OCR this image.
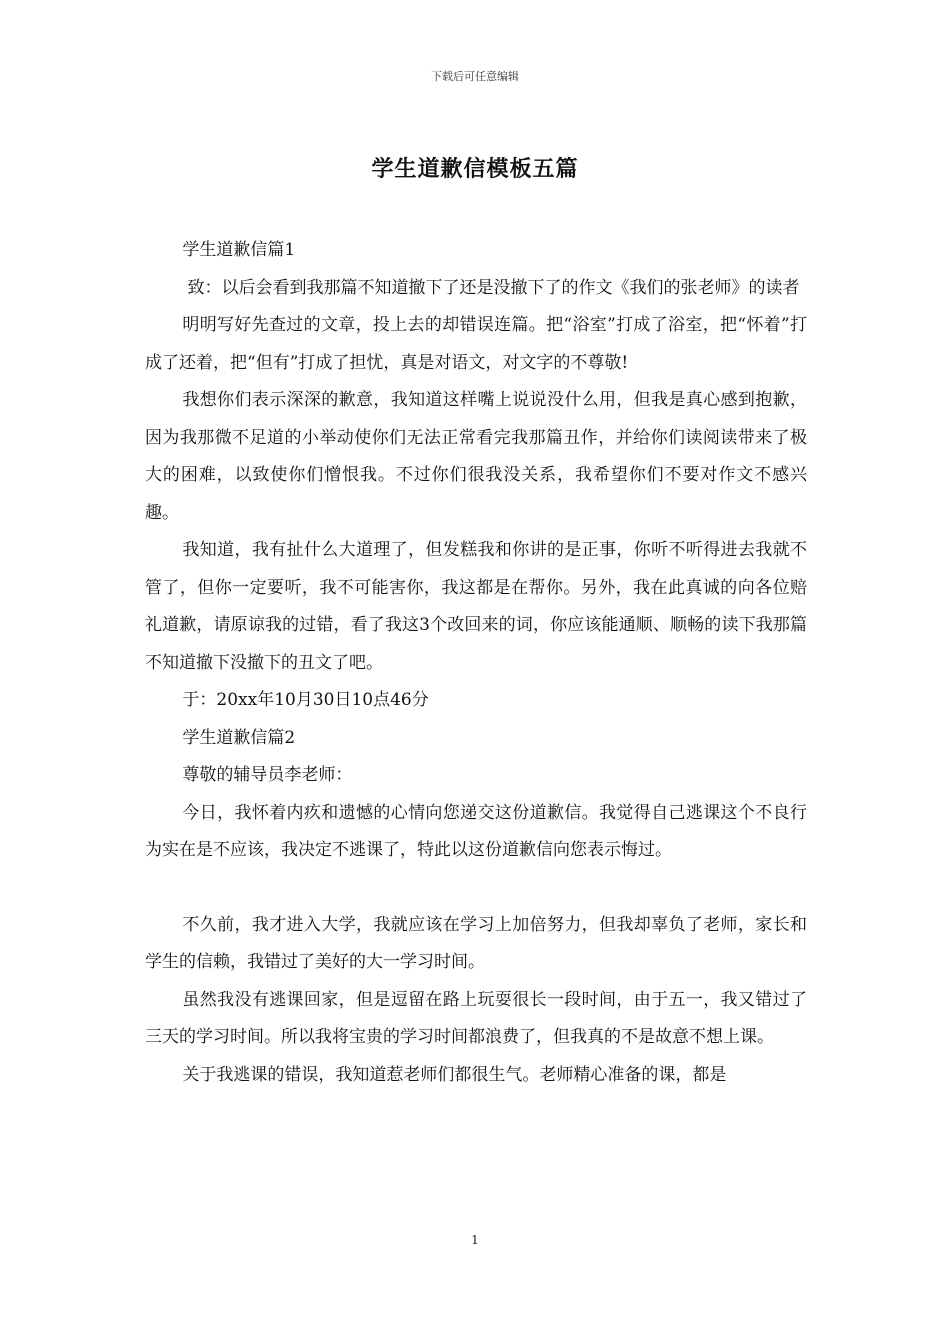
下载后可任意编辑
学生道歉信模板五篇

学生道歉信篇1

致：以后会看到我那篇不知道撤下了还是没撤下了的作文《我们的张老师》的读者

明明写好先查过的文章，投上去的却错误连篇。把“浴室”打成了浴室，把“怀着”打成了还着，把“但有”打成了担忧，真是对语文，对文字的不尊敬!

我想你们表示深深的歉意，我知道这样嘴上说说没什么用，但我是真心感到抱歉，因为我那微不足道的小举动使你们无法正常看完我那篇丑作，并给你们读阅读带来了极大的困难，以致使你们憎恨我。不过你们很我没关系，我希望你们不要对作文不感兴趣。

我知道，我有扯什么大道理了，但发糕我和你讲的是正事，你听不听得进去我就不管了，但你一定要听，我不可能害你，我这都是在帮你。另外，我在此真诚的向各位赔礼道歉，请原谅我的过错，看了我这3个改回来的词，你应该能通顺、顺畅的读下我那篇不知道撤下没撤下的丑文了吧。

于：20xx年10月30日10点46分

学生道歉信篇2

尊敬的辅导员李老师：

今日，我怀着内疚和遗憾的心情向您递交这份道歉信。我觉得自己逃课这个不良行为实在是不应该，我决定不逃课了，特此以这份道歉信向您表示悔过。

不久前，我才进入大学，我就应该在学习上加倍努力，但我却辜负了老师，家长和学生的信赖，我错过了美好的大一学习时间。

虽然我没有逃课回家，但是逗留在路上玩耍很长一段时间，由于五一，我又错过了三天的学习时间。所以我将宝贵的学习时间都浪费了，但我真的不是故意不想上课。

关于我逃课的错误，我知道惹老师们都很生气。老师精心准备的课，都是

1
